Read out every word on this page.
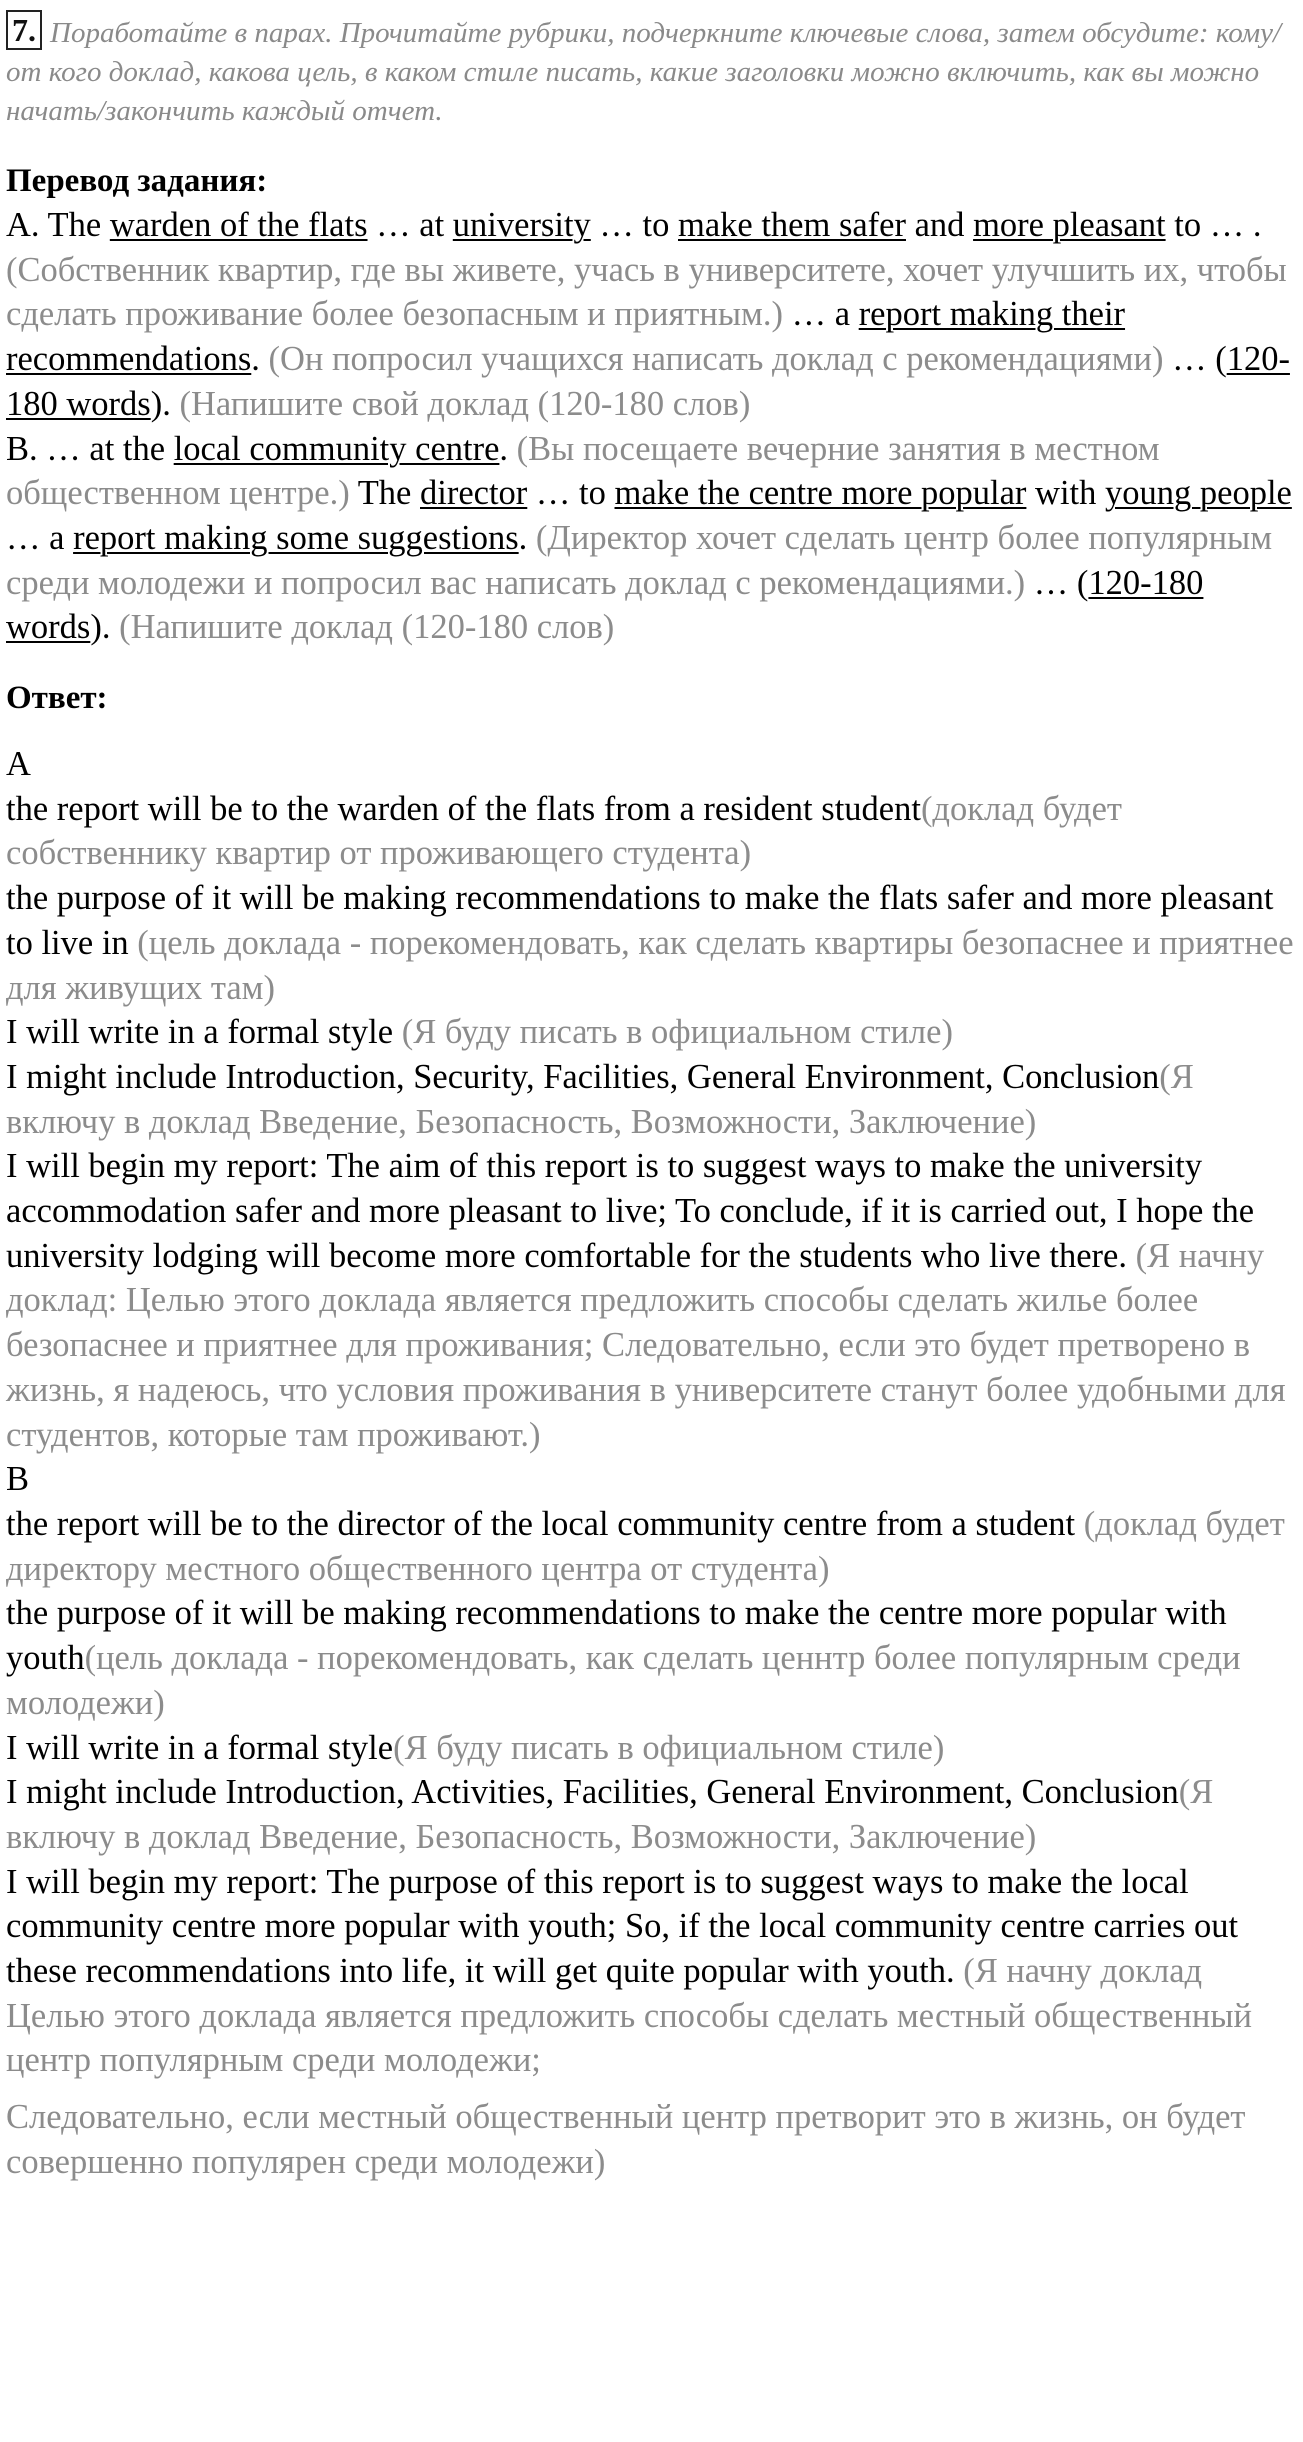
7. Поработайте в парах. Прочитайте рубрики, подчеркните ключевые слова, затем обсудите: кому/от кого доклад, какова цель, в каком стиле писать, какие заголовки можно включить, как вы можно начать/закончить каждый отчет.
Перевод задания:
A. The warden of the flats … at university … to make them safer and more pleasant to … . (Собственник квартир, где вы живете, учась в университете, хочет улучшить их, чтобы сделать проживание более безопасным и приятным.) … a report making their recommendations. (Он попросил учащихся написать доклад с рекомендациями) … (120-180 words). (Напишите свой доклад (120-180 слов)
B. … at the local community centre. (Вы посещаете вечерние занятия в местном общественном центре.) The director … to make the centre more popular with young people … a report making some suggestions. (Директор хочет сделать центр более популярным среди молодежи и попросил вас написать доклад с рекомендациями.) … (120-180 words). (Напишите доклад (120-180 слов)
Ответ:
A
the report will be to the warden of the flats from a resident student(доклад будет собственнику квартир от проживающего студента)
the purpose of it will be making recommendations to make the flats safer and more pleasant to live in (цель доклада - порекомендовать, как сделать квартиры безопаснее и приятнее для живущих там)
I will write in a formal style (Я буду писать в официальном стиле)
I might include Introduction, Security, Facilities, General Environment, Conclusion(Я включу в доклад Введение, Безопасность, Возможности, Заключение)
I will begin my report: The aim of this report is to suggest ways to make the university accommodation safer and more pleasant to live; To conclude, if it is carried out, I hope the university lodging will become more comfortable for the students who live there. (Я начну доклад: Целью этого доклада является предложить способы сделать жилье более безопаснее и приятнее для проживания; Следовательно, если это будет претворено в жизнь, я надеюсь, что условия проживания в университете станут более удобными для студентов, которые там проживают.)
B
the report will be to the director of the local community centre from a student (доклад будет директору местного общественного центра от студента)
the purpose of it will be making recommendations to make the centre more popular with youth(цель доклада - порекомендовать, как сделать ценнтр более популярным среди молодежи)
I will write in a formal style(Я буду писать в официальном стиле)
I might include Introduction, Activities, Facilities, General Environment, Conclusion(Я включу в доклад Введение, Безопасность, Возможности, Заключение)
I will begin my report: The purpose of this report is to suggest ways to make the local community centre more popular with youth; So, if the local community centre carries out these recommendations into life, it will get quite popular with youth. (Я начну доклад Целью этого доклада является предложить способы сделать местный общественный центр популярным среди молодежи;
Следовательно, если местный общественный центр претворит это в жизнь, он будет совершенно популярен среди молодежи)
